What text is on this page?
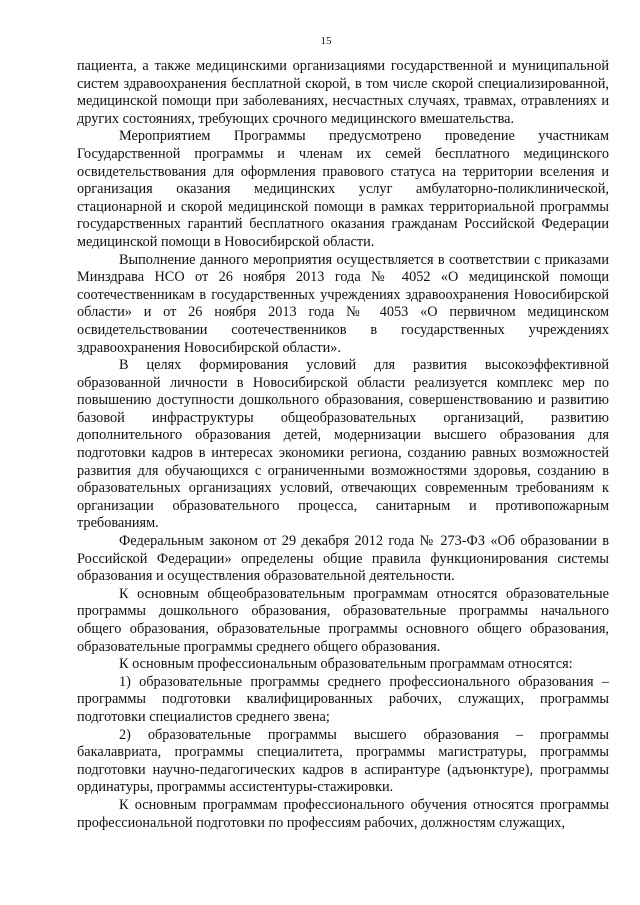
15

пациента, а также медицинскими организациями государственной и муниципальной систем здравоохранения бесплатной скорой, в том числе скорой специализированной, медицинской помощи при заболеваниях, несчастных случаях, травмах, отравлениях и других состояниях, требующих срочного медицинского вмешательства.

Мероприятием Программы предусмотрено проведение участникам Государственной программы и членам их семей бесплатного медицинского освидетельствования для оформления правового статуса на территории вселения и организация оказания медицинских услуг амбулаторно-поликлинической, стационарной и скорой медицинской помощи в рамках территориальной программы государственных гарантий бесплатного оказания гражданам Российской Федерации медицинской помощи в Новосибирской области.

Выполнение данного мероприятия осуществляется в соответствии с приказами Минздрава НСО от 26 ноября 2013 года № 4052 «О медицинской помощи соотечественникам в государственных учреждениях здравоохранения Новосибирской области» и от 26 ноября 2013 года № 4053 «О первичном медицинском освидетельствовании соотечественников в государственных учреждениях здравоохранения Новосибирской области».

В целях формирования условий для развития высокоэффективной образованной личности в Новосибирской области реализуется комплекс мер по повышению доступности дошкольного образования, совершенствованию и развитию базовой инфраструктуры общеобразовательных организаций, развитию дополнительного образования детей, модернизации высшего образования для подготовки кадров в интересах экономики региона, созданию равных возможностей развития для обучающихся с ограниченными возможностями здоровья, созданию в образовательных организациях условий, отвечающих современным требованиям к организации образовательного процесса, санитарным и противопожарным требованиям.

Федеральным законом от 29 декабря 2012 года № 273-ФЗ «Об образовании в Российской Федерации» определены общие правила функционирования системы образования и осуществления образовательной деятельности.

К основным общеобразовательным программам относятся образовательные программы дошкольного образования, образовательные программы начального общего образования, образовательные программы основного общего образования, образовательные программы среднего общего образования.

К основным профессиональным образовательным программам относятся:

1) образовательные программы среднего профессионального образования – программы подготовки квалифицированных рабочих, служащих, программы подготовки специалистов среднего звена;

2) образовательные программы высшего образования – программы бакалавриата, программы специалитета, программы магистратуры, программы подготовки научно-педагогических кадров в аспирантуре (адъюнктуре), программы ординатуры, программы ассистентуры-стажировки.

К основным программам профессионального обучения относятся программы профессиональной подготовки по профессиям рабочих, должностям служащих,
